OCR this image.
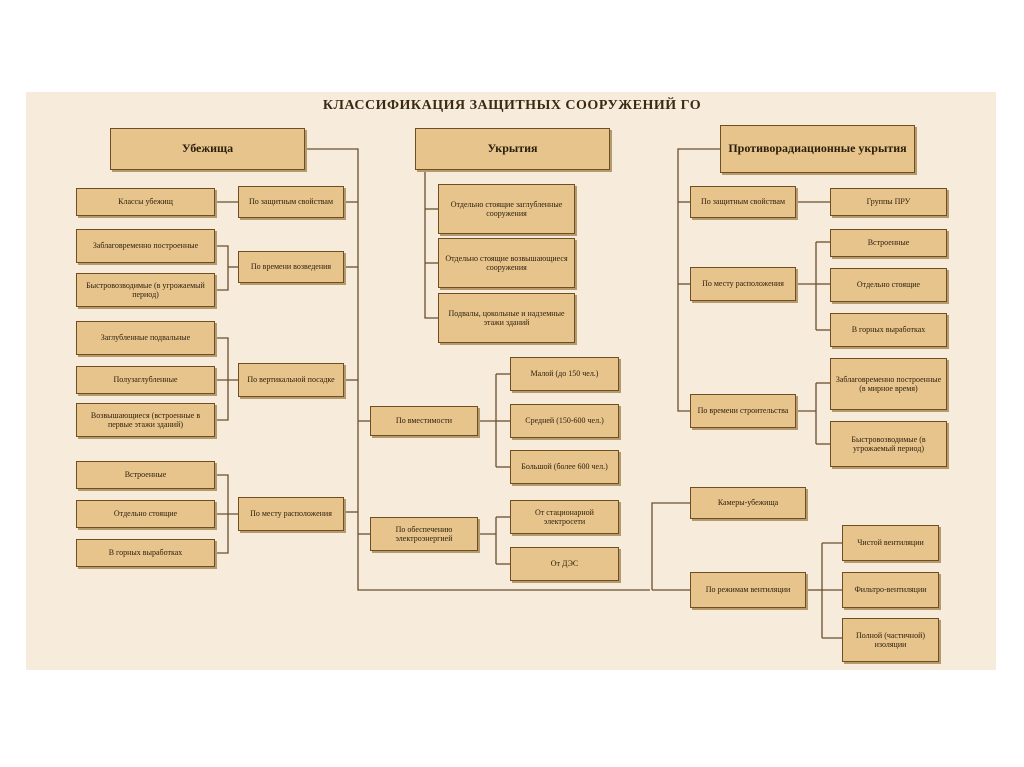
КЛАССИФИКАЦИЯ ЗАЩИТНЫХ СООРУЖЕНИЙ ГО
Убежища	Укрытия	Противорадиационные укрытия
Классы убежищ
Заблаговременно построенные
Быстровозводимые (в угрожаемый период)
Заглубленные подвальные
Полузаглубленные
Возвышающиеся (встроенные в первые этажи зданий)
Встроенные
Отдельно стоящие
В горных выработках
По защитным свойствам
По времени возведения
По вертикальной посадке
По месту расположения
Отдельно стоящие заглубленные сооружения
Отдельно стоящие возвышающиеся сооружения
Подвалы, цокольные и надземные этажи зданий
По вместимости
По обеспечению электроэнергией
Малой (до 150 чел.)
Средней (150-600 чел.)
Большой (более 600 чел.)
От стационарной электросети
От ДЭС
По защитным свойствам
По месту расположения
По времени строительства
Группы ПРУ
Встроенные
Отдельно стоящие
В горных выработках
Заблаговременно построенные (в мирное время)
Быстровозводимые (в угрожаемый период)
Камеры-убежища
По режимам вентиляции
Чистой вентиляции
Фильтро-вентиляции
Полной (частичной) изоляции
